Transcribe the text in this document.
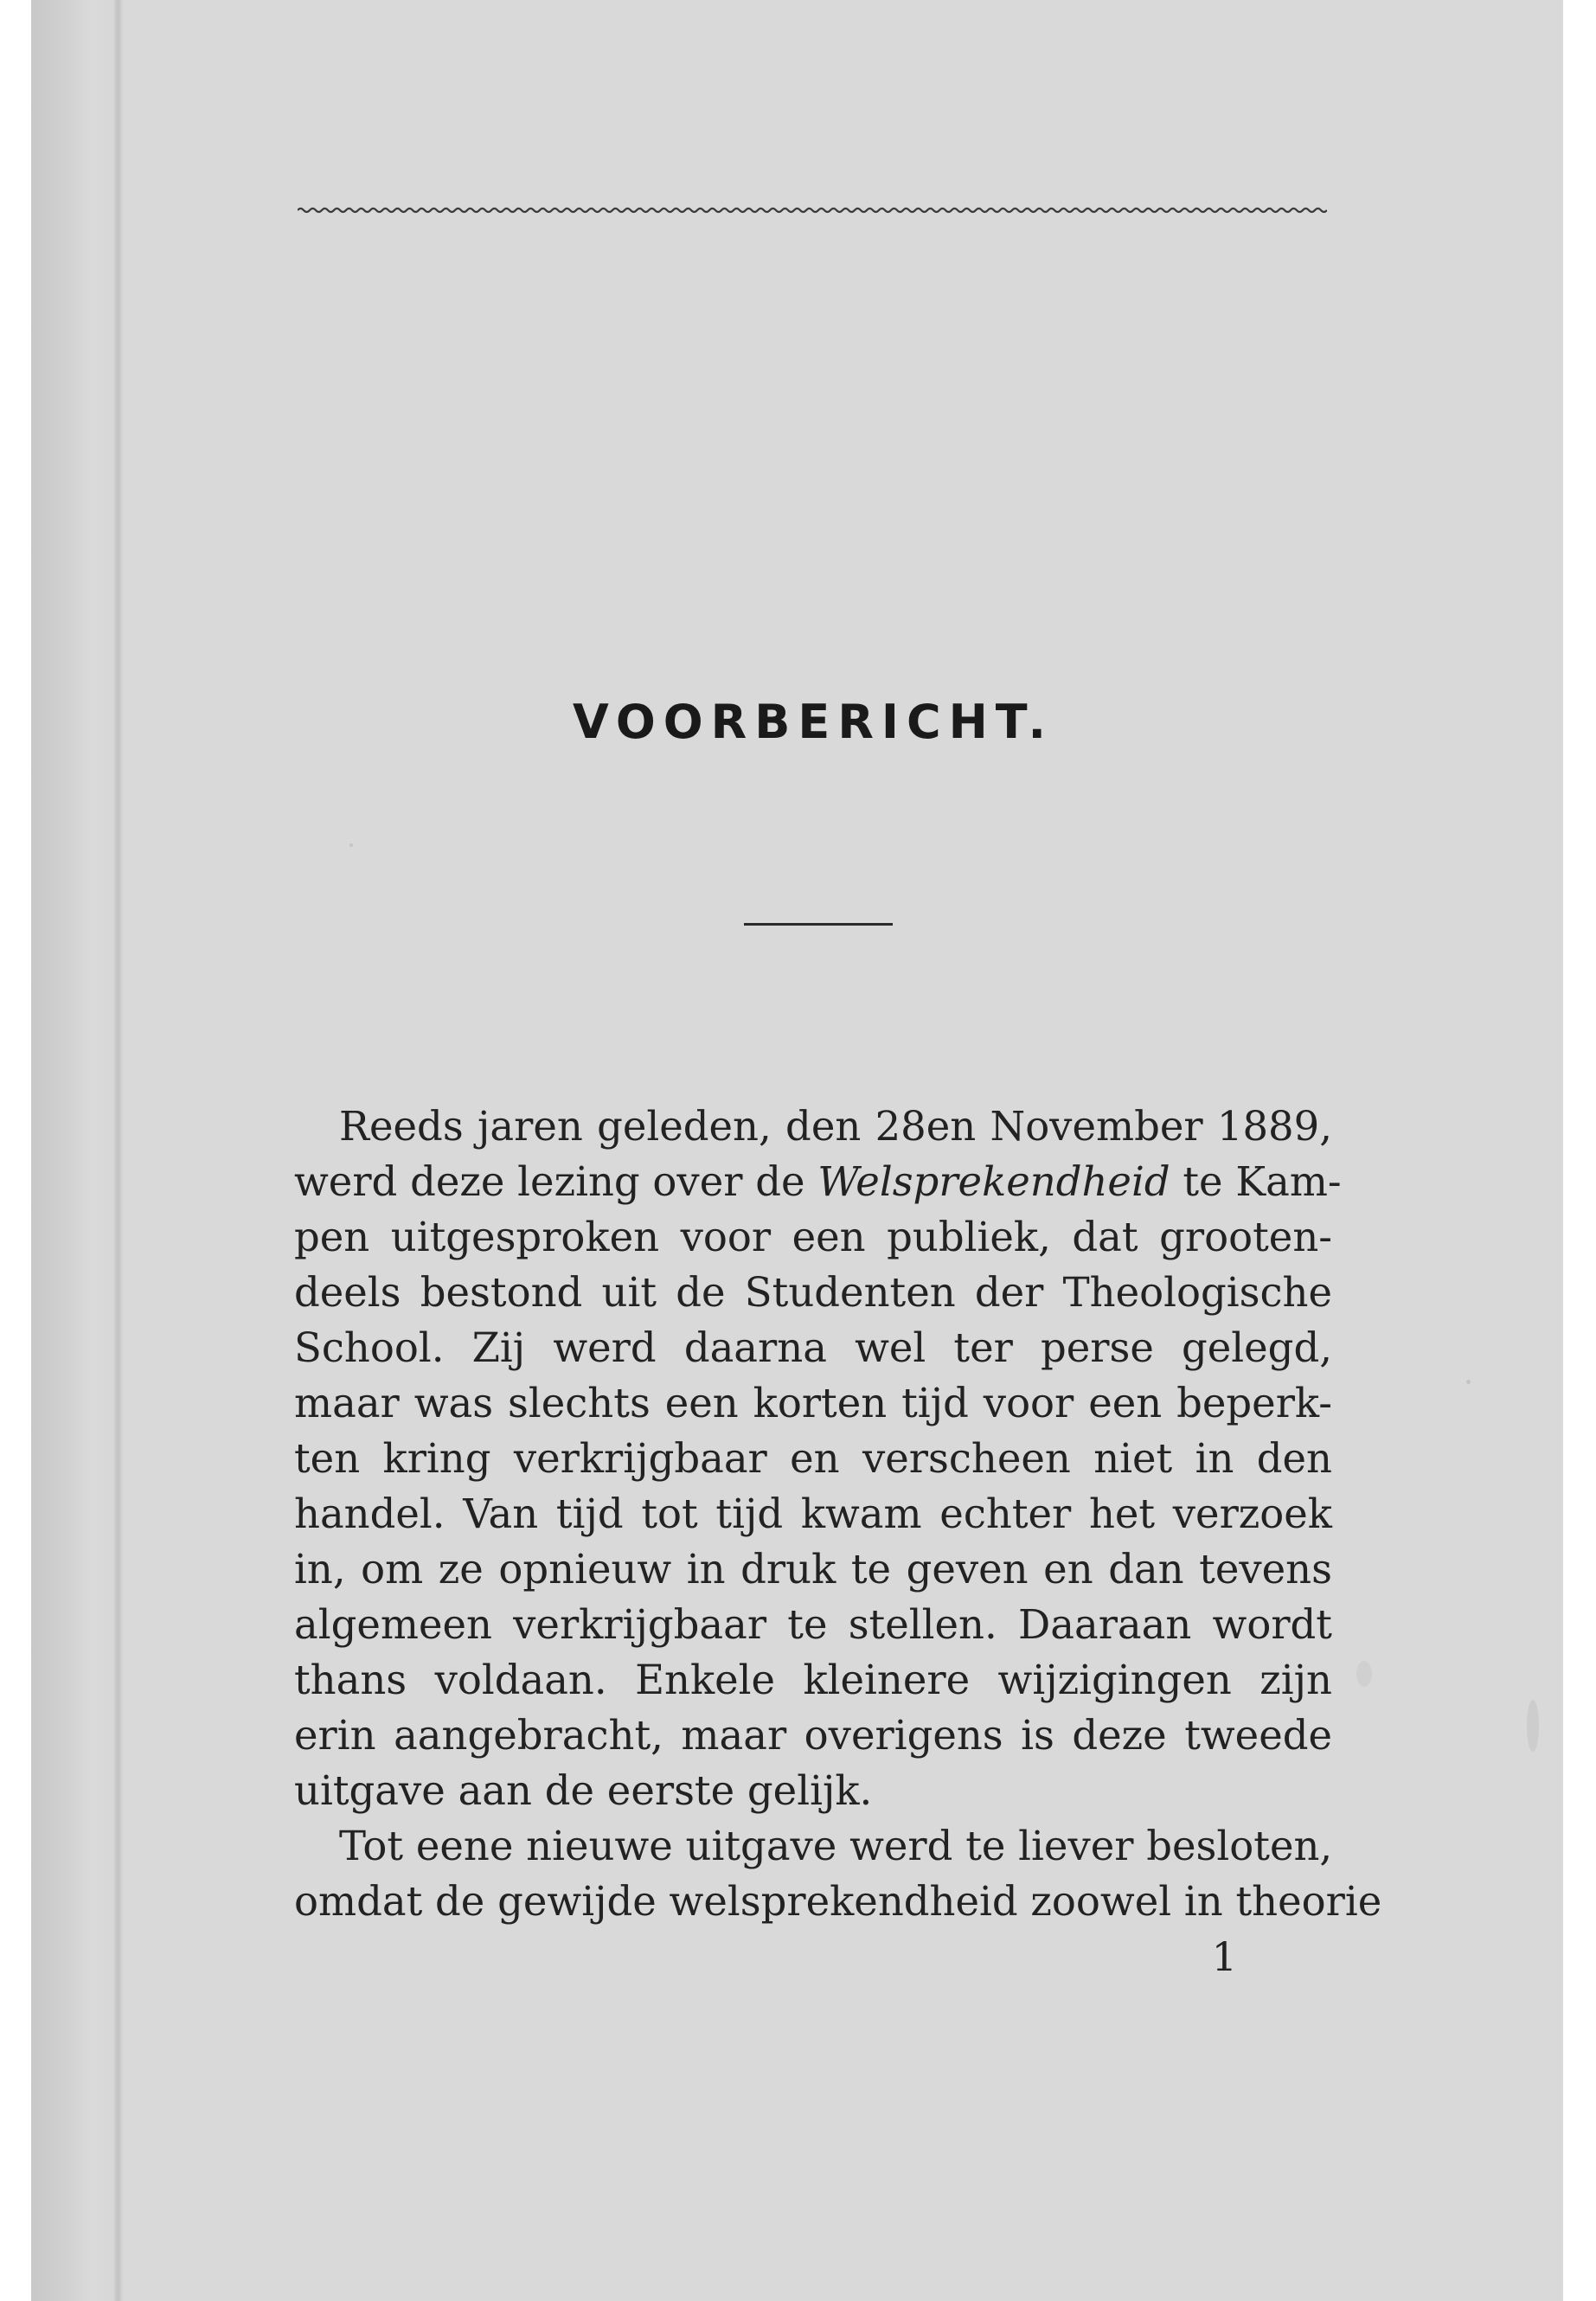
VOORBERICHT.

Reeds jaren geleden, den 28en November 1889,
werd deze lezing over de Welsprekendheid te Kam-
pen uitgesproken voor een publiek, dat grooten-
deels bestond uit de Studenten der Theologische
School. Zij werd daarna wel ter perse gelegd,
maar was slechts een korten tijd voor een beperk-
ten kring verkrijgbaar en verscheen niet in den
handel. Van tijd tot tijd kwam echter het verzoek
in, om ze opnieuw in druk te geven en dan tevens
algemeen verkrijgbaar te stellen. Daaraan wordt
thans voldaan. Enkele kleinere wijzigingen zijn
erin aangebracht, maar overigens is deze tweede
uitgave aan de eerste gelijk.

Tot eene nieuwe uitgave werd te liever besloten,
omdat de gewijde welsprekendheid zoowel in theorie

1
